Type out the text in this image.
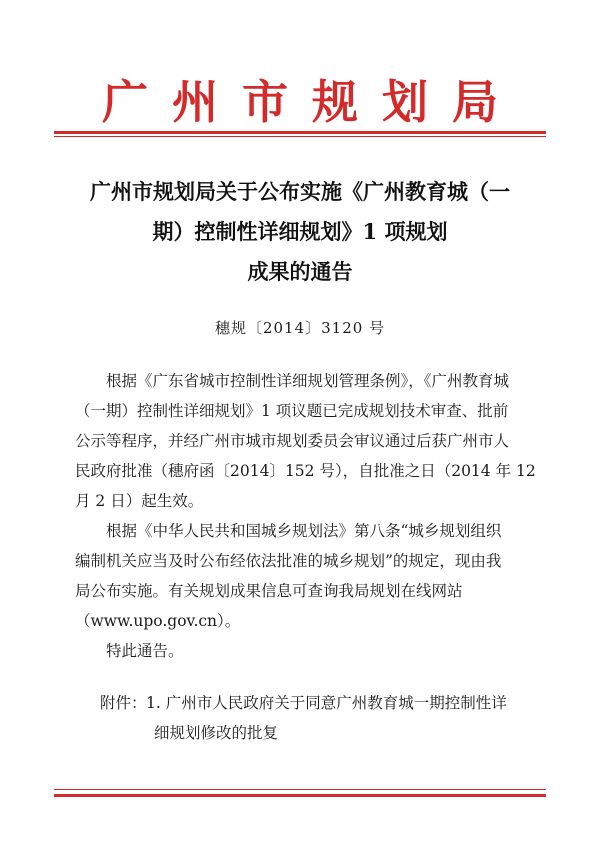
广州市规划局
广州市规划局关于公布实施《广州教育城（一
期）控制性详细规划》1 项规划
成果的通告
穗规〔2014〕3120 号
根据《广东省城市控制性详细规划管理条例》，《广州教育城
（一期）控制性详细规划》1 项议题已完成规划技术审查、批前
公示等程序，并经广州市城市规划委员会审议通过后获广州市人
民政府批准（穗府函〔2014〕152 号），自批准之日（2014 年 12
月 2 日）起生效。
根据《中华人民共和国城乡规划法》第八条“城乡规划组织
编制机关应当及时公布经依法批准的城乡规划”的规定，现由我
局公布实施。有关规划成果信息可查询我局规划在线网站
（www.upo.gov.cn）。
特此通告。
附件： 1. 广州市人民政府关于同意广州教育城一期控制性详
细规划修改的批复
